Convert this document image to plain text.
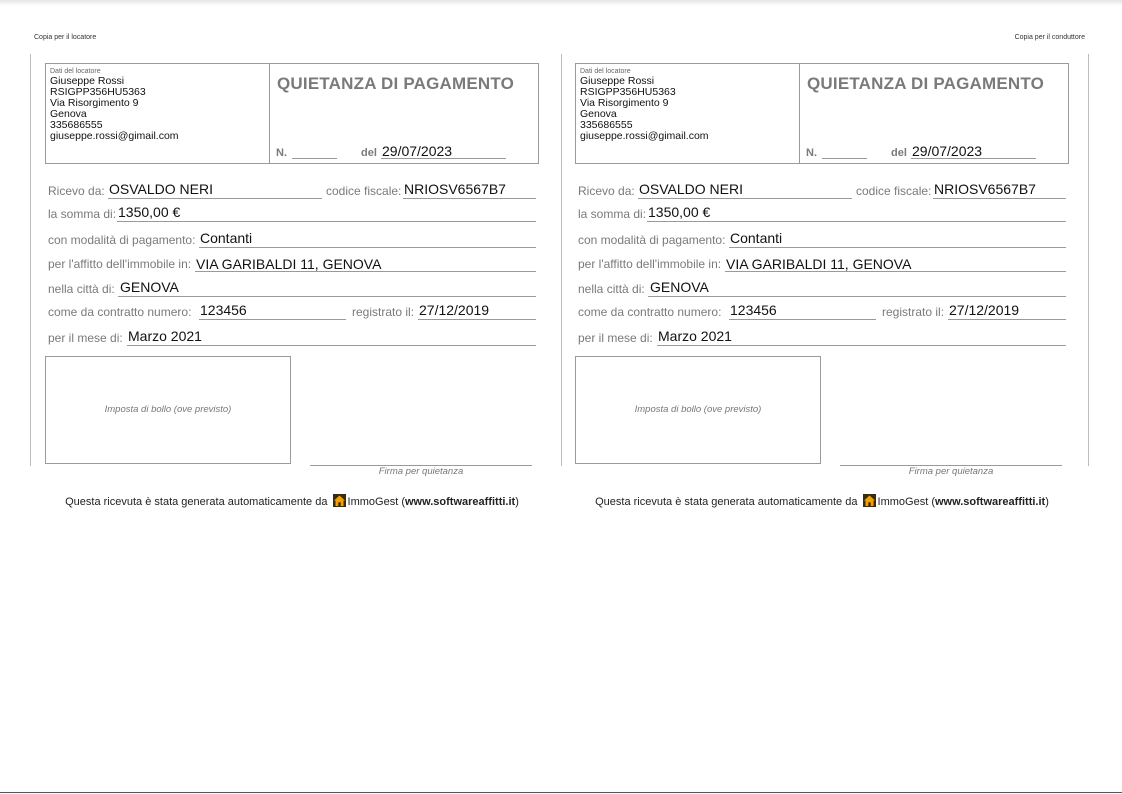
Copia per il locatore	Copia per il conduttore
Dati del locatore
Giuseppe Rossi
RSIGPP356HU5363
Via Risorgimento 9
Genova
335686555
giuseppe.rossi@gimail.com
QUIETANZA DI PAGAMENTO
N.	del 29/07/2023
Ricevo da: OSVALDO NERI	codice fiscale: NRIOSV6567B7
la somma di: 1350,00 €
con modalità di pagamento: Contanti
per l'affitto dell'immobile in: VIA GARIBALDI 11, GENOVA
nella città di: GENOVA
come da contratto numero: 123456	registrato il: 27/12/2019
per il mese di: Marzo 2021
Imposta di bollo (ove previsto)
Firma per quietanza
Questa ricevuta è stata generata automaticamente da ImmoGest (www.softwareaffitti.it)
Dati del locatore
Giuseppe Rossi
RSIGPP356HU5363
Via Risorgimento 9
Genova
335686555
giuseppe.rossi@gimail.com
QUIETANZA DI PAGAMENTO
N.	del 29/07/2023
Ricevo da: OSVALDO NERI	codice fiscale: NRIOSV6567B7
la somma di: 1350,00 €
con modalità di pagamento: Contanti
per l'affitto dell'immobile in: VIA GARIBALDI 11, GENOVA
nella città di: GENOVA
come da contratto numero: 123456	registrato il: 27/12/2019
per il mese di: Marzo 2021
Imposta di bollo (ove previsto)
Firma per quietanza
Questa ricevuta è stata generata automaticamente da ImmoGest (www.softwareaffitti.it)
